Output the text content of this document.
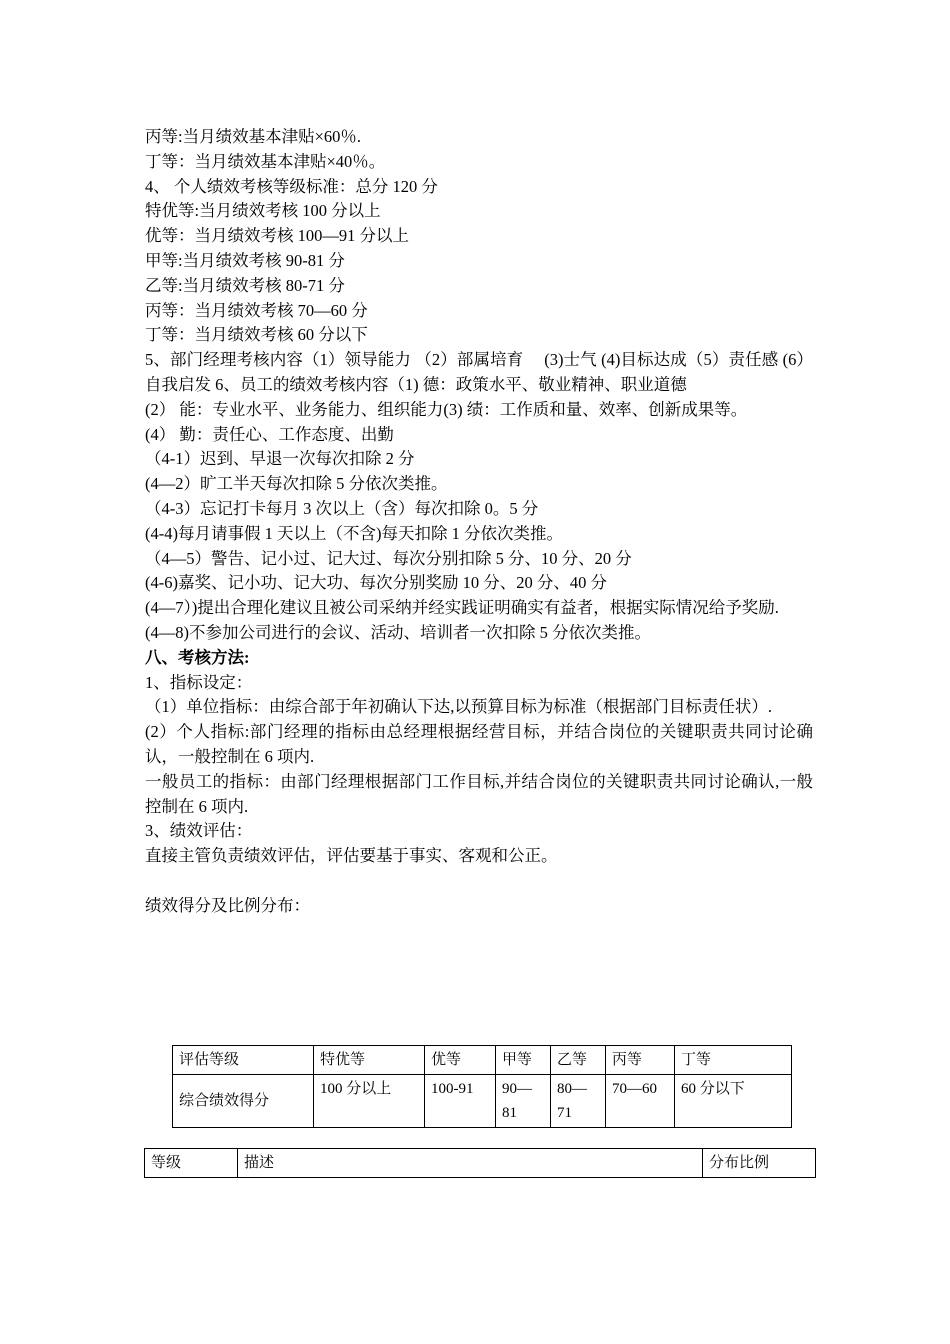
丙等:当月绩效基本津贴×60％.
丁等：当月绩效基本津贴×40％。
4、 个人绩效考核等级标准：总分 120 分
特优等:当月绩效考核 100 分以上
优等：当月绩效考核 100—91 分以上
甲等:当月绩效考核 90-81 分
乙等:当月绩效考核 80-71 分
丙等：当月绩效考核 70—60 分
丁等：当月绩效考核 60 分以下
5、部门经理考核内容（1）领导能力 （2）部属培育　 (3)士气 (4)目标达成（5）责任感 (6）自我启发 6、员工的绩效考核内容（1) 德：政策水平、敬业精神、职业道德
(2） 能：专业水平、业务能力、组织能力(3) 绩：工作质和量、效率、创新成果等。
(4） 勤：责任心、工作态度、出勤
（4-1）迟到、早退一次每次扣除 2 分
(4—2）旷工半天每次扣除 5 分依次类推。
（4-3）忘记打卡每月 3 次以上（含）每次扣除 0。5 分
(4-4)每月请事假 1 天以上（不含)每天扣除 1 分依次类推。
（4—5）警告、记小过、记大过、每次分别扣除 5 分、10 分、20 分
(4-6)嘉奖、记小功、记大功、每次分别奖励 10 分、20 分、40 分
(4—7）)提出合理化建议且被公司采纳并经实践证明确实有益者，根据实际情况给予奖励.
(4—8)不参加公司进行的会议、活动、培训者一次扣除 5 分依次类推。
八、考核方法:
1、指标设定：
（1）单位指标：由综合部于年初确认下达,以预算目标为标准（根据部门目标责任状）.
(2）个人指标:部门经理的指标由总经理根据经营目标，并结合岗位的关键职责共同讨论确认，一般控制在 6 项内.
一般员工的指标：由部门经理根据部门工作目标,并结合岗位的关键职责共同讨论确认,一般控制在 6 项内.
3、绩效评估：
直接主管负责绩效评估，评估要基于事实、客观和公正。
绩效得分及比例分布：
评估等级	特优等	优等	甲等	乙等	丙等	丁等
综合绩效得分	100 分以上	100-91	90—81	80—71	70—60	60 分以下
等级	描述	分布比例
